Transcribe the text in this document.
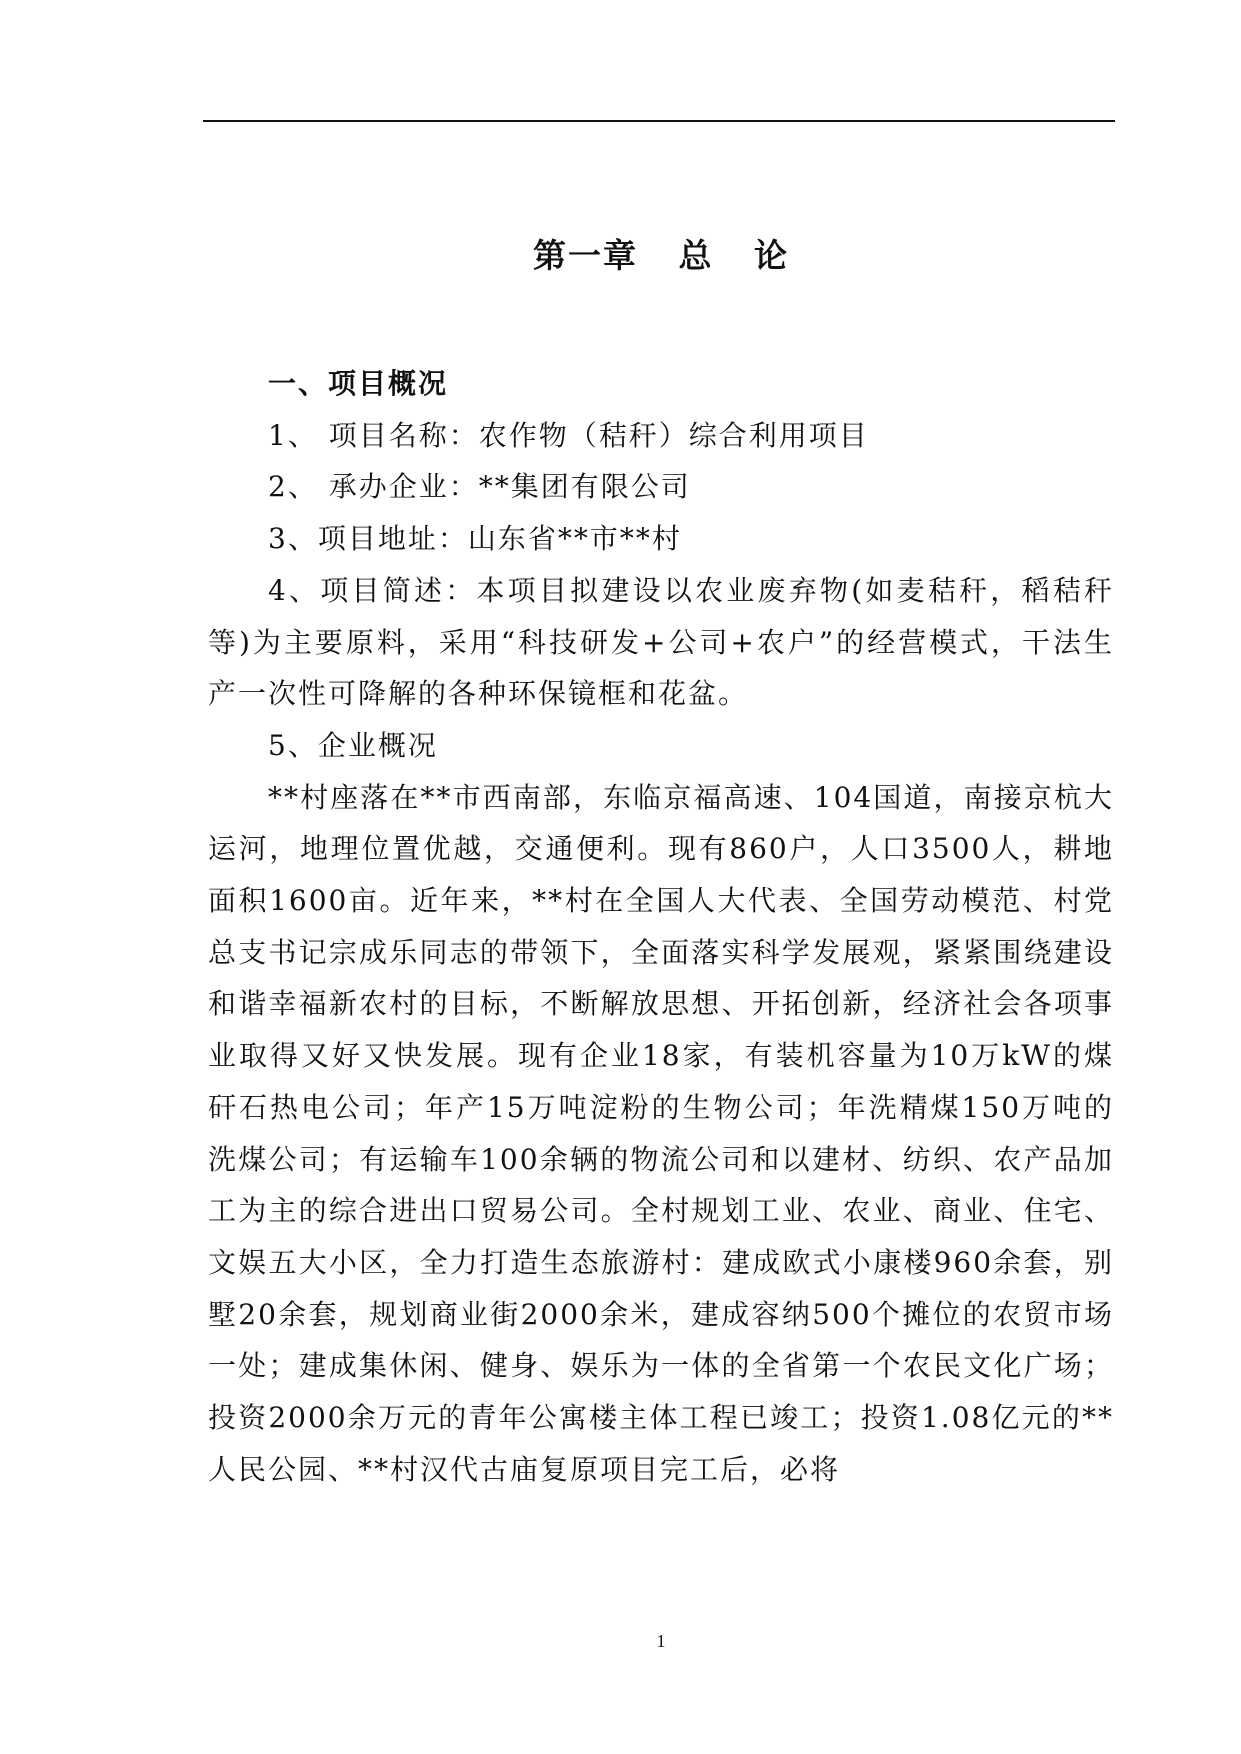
第一章   总   论

一、项目概况

1、 项目名称：农作物（秸秆）综合利用项目

2、 承办企业：**集团有限公司

3、项目地址：山东省**市**村

4、项目简述：本项目拟建设以农业废弃物(如麦秸秆，稻秸秆等)为主要原料，采用“科技研发+公司+农户”的经营模式，干法生产一次性可降解的各种环保镜框和花盆。

5、企业概况

**村座落在**市西南部，东临京福高速、104国道，南接京杭大运河，地理位置优越，交通便利。现有860户，人口3500人，耕地面积1600亩。近年来，**村在全国人大代表、全国劳动模范、村党总支书记宗成乐同志的带领下，全面落实科学发展观，紧紧围绕建设和谐幸福新农村的目标，不断解放思想、开拓创新，经济社会各项事业取得又好又快发展。现有企业18家，有装机容量为10万kW的煤矸石热电公司；年产15万吨淀粉的生物公司；年洗精煤150万吨的洗煤公司；有运输车100余辆的物流公司和以建材、纺织、农产品加工为主的综合进出口贸易公司。全村规划工业、农业、商业、住宅、文娱五大小区，全力打造生态旅游村：建成欧式小康楼960余套，别墅20余套，规划商业街2000余米，建成容纳500个摊位的农贸市场一处；建成集休闲、健身、娱乐为一体的全省第一个农民文化广场；投资2000余万元的青年公寓楼主体工程已竣工；投资1.08亿元的**人民公园、**村汉代古庙复原项目完工后，必将

1
